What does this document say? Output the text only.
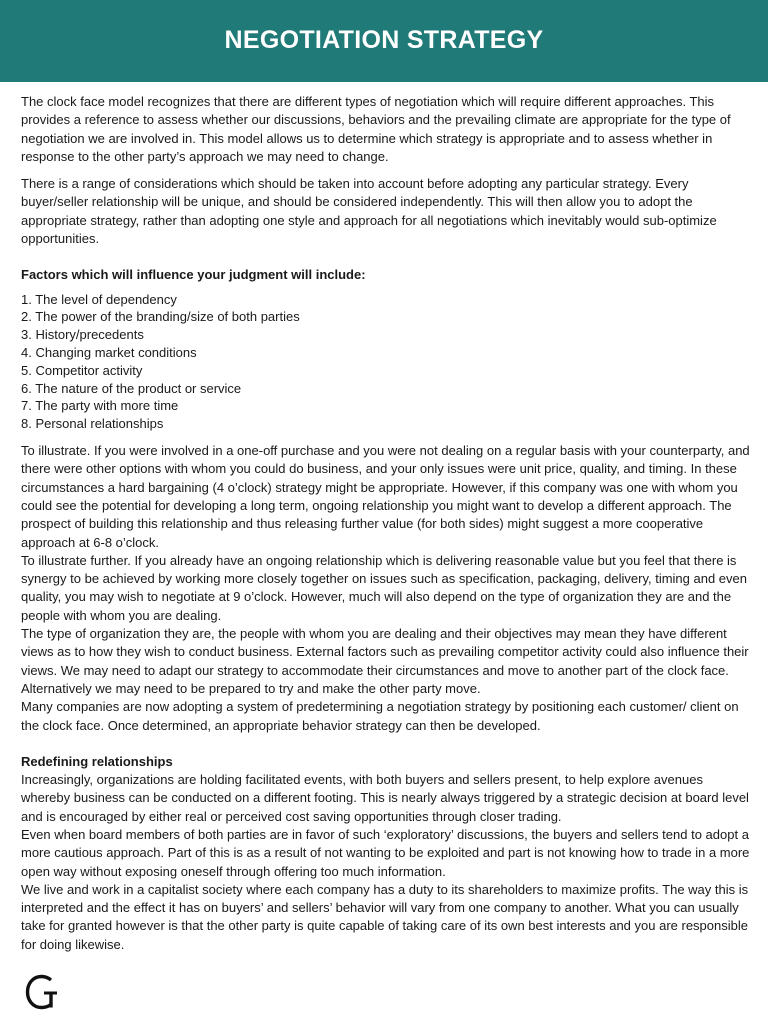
NEGOTIATION STRATEGY

The clock face model recognizes that there are different types of negotiation which will require different approaches. This provides a reference to assess whether our discussions, behaviors and the prevailing climate are appropriate for the type of negotiation we are involved in. This model allows us to determine which strategy is appropriate and to assess whether in response to the other party’s approach we may need to change.

There is a range of considerations which should be taken into account before adopting any particular strategy. Every buyer/seller relationship will be unique, and should be considered independently. This will then allow you to adopt the appropriate strategy, rather than adopting one style and approach for all negotiations which inevitably would sub-optimize opportunities.

Factors which will influence your judgment will include:

1. The level of dependency
2. The power of the branding/size of both parties
3. History/precedents
4. Changing market conditions
5. Competitor activity
6. The nature of the product or service
7. The party with more time
8. Personal relationships

To illustrate. If you were involved in a one-off purchase and you were not dealing on a regular basis with your counterparty, and there were other options with whom you could do business, and your only issues were unit price, quality, and timing. In these circumstances a hard bargaining (4 o’clock) strategy might be appropriate. However, if this company was one with whom you could see the potential for developing a long term, ongoing relationship you might want to develop a different approach. The prospect of building this relationship and thus releasing further value (for both sides) might suggest a more cooperative approach at 6-8 o’clock.

To illustrate further. If you already have an ongoing relationship which is delivering reasonable value but you feel that there is synergy to be achieved by working more closely together on issues such as specification, packaging, delivery, timing and even quality, you may wish to negotiate at 9 o’clock. However, much will also depend on the type of organization they are and the people with whom you are dealing.

The type of organization they are, the people with whom you are dealing and their objectives may mean they have different views as to how they wish to conduct business. External factors such as prevailing competitor activity could also influence their views. We may need to adapt our strategy to accommodate their circumstances and move to another part of the clock face. Alternatively we may need to be prepared to try and make the other party move.

Many companies are now adopting a system of predetermining a negotiation strategy by positioning each customer/ client on the clock face. Once determined, an appropriate behavior strategy can then be developed.

Redefining relationships

Increasingly, organizations are holding facilitated events, with both buyers and sellers present, to help explore avenues whereby business can be conducted on a different footing. This is nearly always triggered by a strategic decision at board level and is encouraged by either real or perceived cost saving opportunities through closer trading.

Even when board members of both parties are in favor of such ‘exploratory’ discussions, the buyers and sellers tend to adopt a more cautious approach. Part of this is as a result of not wanting to be exploited and part is not knowing how to trade in a more open way without exposing oneself through offering too much information.

We live and work in a capitalist society where each company has a duty to its shareholders to maximize profits. The way this is interpreted and the effect it has on buyers’ and sellers’ behavior will vary from one company to another. What you can usually take for granted however is that the other party is quite capable of taking care of its own best interests and you are responsible for doing likewise.
